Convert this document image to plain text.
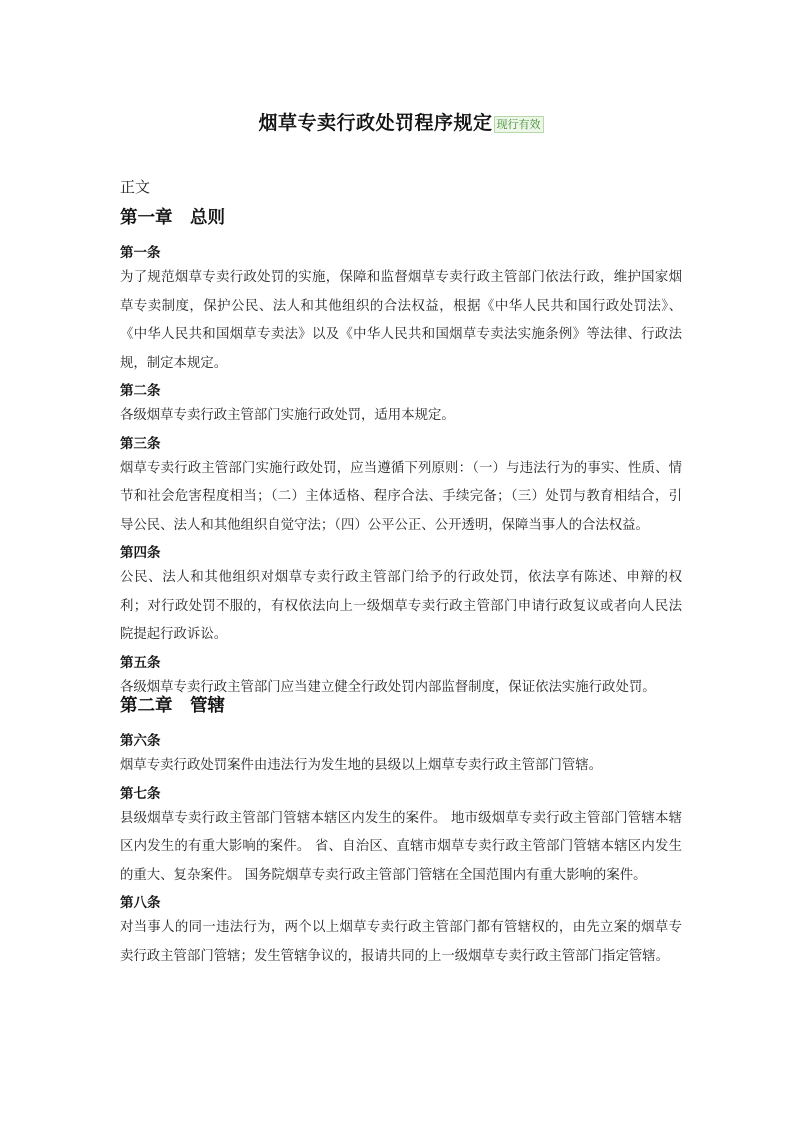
烟草专卖行政处罚程序规定 现行有效
正文
第一章　总则
第一条

为了规范烟草专卖行政处罚的实施，保障和监督烟草专卖行政主管部门依法行政，维护国家烟草专卖制度，保护公民、法人和其他组织的合法权益，根据《中华人民共和国行政处罚法》、《中华人民共和国烟草专卖法》以及《中华人民共和国烟草专卖法实施条例》等法律、行政法规，制定本规定。

第二条

各级烟草专卖行政主管部门实施行政处罚，适用本规定。

第三条

烟草专卖行政主管部门实施行政处罚，应当遵循下列原则：（一）与违法行为的事实、性质、情节和社会危害程度相当；（二）主体适格、程序合法、手续完备；（三）处罚与教育相结合，引导公民、法人和其他组织自觉守法；（四）公平公正、公开透明，保障当事人的合法权益。

第四条

公民、法人和其他组织对烟草专卖行政主管部门给予的行政处罚，依法享有陈述、申辩的权利；对行政处罚不服的，有权依法向上一级烟草专卖行政主管部门申请行政复议或者向人民法院提起行政诉讼。

第五条

各级烟草专卖行政主管部门应当建立健全行政处罚内部监督制度，保证依法实施行政处罚。

第二章　管辖
第六条

烟草专卖行政处罚案件由违法行为发生地的县级以上烟草专卖行政主管部门管辖。

第七条

县级烟草专卖行政主管部门管辖本辖区内发生的案件。 地市级烟草专卖行政主管部门管辖本辖区内发生的有重大影响的案件。 省、自治区、直辖市烟草专卖行政主管部门管辖本辖区内发生的重大、复杂案件。 国务院烟草专卖行政主管部门管辖在全国范围内有重大影响的案件。

第八条

对当事人的同一违法行为，两个以上烟草专卖行政主管部门都有管辖权的，由先立案的烟草专卖行政主管部门管辖；发生管辖争议的，报请共同的上一级烟草专卖行政主管部门指定管辖。
